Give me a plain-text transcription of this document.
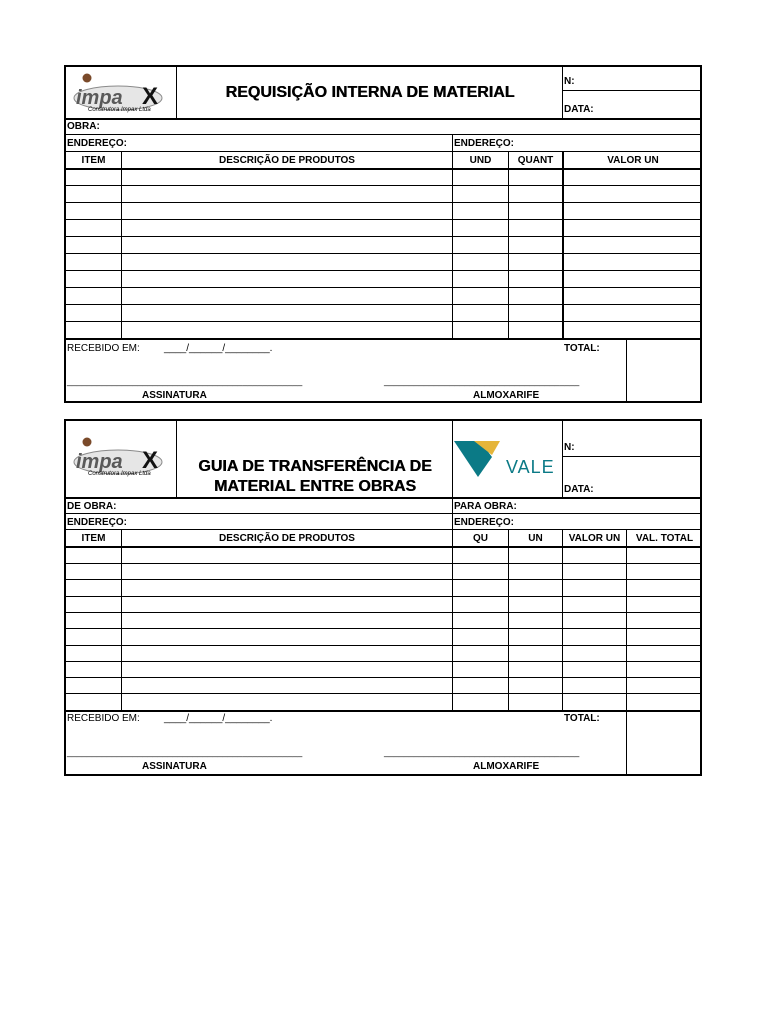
impa X
Construtora Impax Ltda
REQUISIÇÃO INTERNA DE MATERIAL
N:
DATA:
OBRA:
ENDEREÇO:	ENDEREÇO:
ITEM	DESCRIÇÃO DE PRODUTOS	UND	QUANT	VALOR UN
RECEBIDO EM: ____/______/________.	TOTAL:
_______________________________________________	_______________________________________
ASSINATURA	ALMOXARIFE
impa X
Construtora Impax Ltda	GUIA DE TRANSFERÊNCIA DE
MATERIAL ENTRE OBRAS
VALE
N:
DATA:
DE OBRA:	PARA OBRA:
ENDEREÇO:	ENDEREÇO:
ITEM	DESCRIÇÃO DE PRODUTOS	QU	UN	VALOR UN	VAL. TOTAL
RECEBIDO EM: ____/______/________.	TOTAL:
_______________________________________________	_______________________________________
ASSINATURA	ALMOXARIFE
